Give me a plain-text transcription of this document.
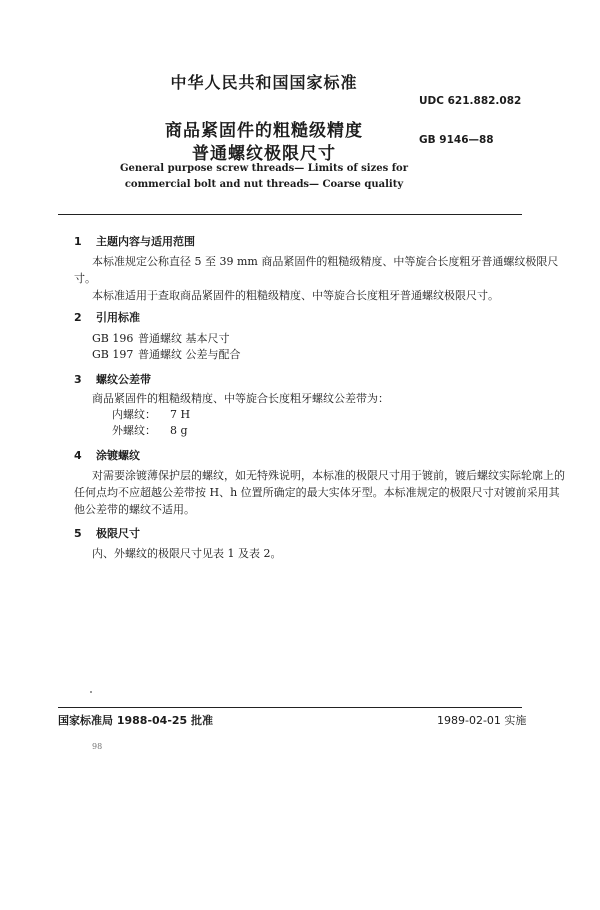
中华人民共和国国家标准
UDC 621.882.082
商品紧固件的粗糙级精度	GB 9146—88
普通螺纹极限尺寸
General purpose screw threads— Limits of sizes for
commercial bolt and nut threads— Coarse quality
1 主题内容与适用范围
本标准规定公称直径 5 至 39 mm 商品紧固件的粗糙级精度、中等旋合长度粗牙普通螺纹极限尺
寸。
本标准适用于查取商品紧固件的粗糙级精度、中等旋合长度粗牙普通螺纹极限尺寸。
2 引用标准
GB 196 普通螺纹 基本尺寸
GB 197 普通螺纹 公差与配合
3 螺纹公差带
商品紧固件的粗糙级精度、中等旋合长度粗牙螺纹公差带为：
内螺纹： 7 H
外螺纹： 8 g
4 涂镀螺纹
对需要涂镀薄保护层的螺纹，如无特殊说明，本标准的极限尺寸用于镀前，镀后螺纹实际轮廓上的
任何点均不应超越公差带按 H、h 位置所确定的最大实体牙型。本标准规定的极限尺寸对镀前采用其
他公差带的螺纹不适用。
5 极限尺寸
内、外螺纹的极限尺寸见表 1 及表 2。
国家标准局 1988-04-25 批准	1989-02-01 实施
98
